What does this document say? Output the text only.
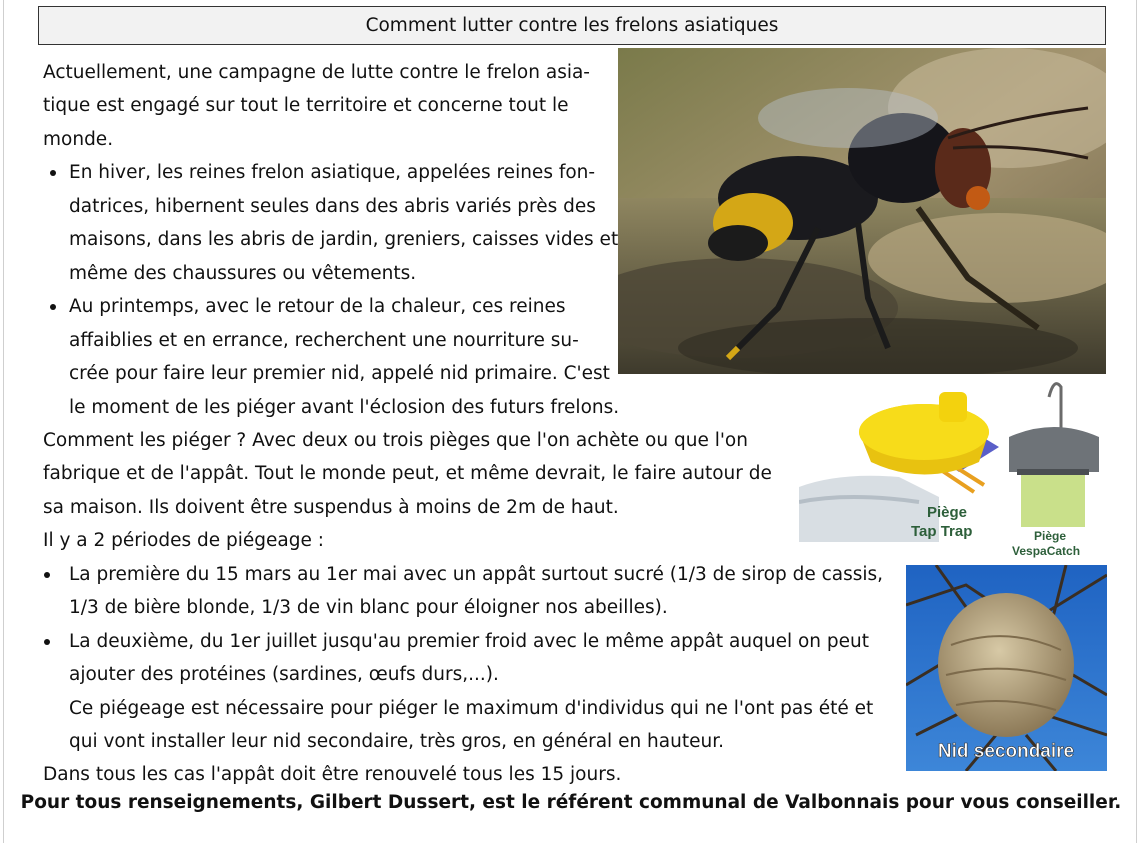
Comment lutter contre les frelons asiatiques
Actuellement, une campagne de lutte contre le frelon asia-
tique est engagé sur tout le territoire et concerne tout le
monde.
En hiver, les reines frelon asiatique, appelées reines fon-
datrices, hibernent seules dans des abris variés près des
maisons, dans les abris de jardin, greniers, caisses vides et
même des chaussures ou vêtements.
Au printemps, avec le retour de la chaleur, ces reines
affaiblies et en errance, recherchent une nourriture su-
crée pour faire leur premier nid, appelé nid primaire. C'est
le moment de les piéger avant l'éclosion des futurs frelons.
Comment les piéger ? Avec deux ou trois pièges que l'on achète ou que l'on
fabrique et de l'appât. Tout le monde peut, et même devrait, le faire autour de
sa maison. Ils doivent être suspendus à moins de 2m de haut.
Il y a 2 périodes de piégeage :
La première du 15 mars au 1er mai avec un appât surtout sucré (1/3 de sirop de cassis,
1/3 de bière blonde, 1/3 de vin blanc pour éloigner nos abeilles).
La deuxième, du 1er juillet jusqu'au premier froid avec le même appât auquel on peut
ajouter des protéines (sardines, œufs durs,...).
Ce piégeage est nécessaire pour piéger le maximum d'individus qui ne l'ont pas été et
qui vont installer leur nid secondaire, très gros, en général en hauteur.
Dans tous les cas l'appât doit être renouvelé tous les 15 jours.
Pour tous renseignements, Gilbert Dussert, est le référent communal de Valbonnais pour vous conseiller.
Piège
Tap Trap	Piège
VespaCatch
Nid secondaire
